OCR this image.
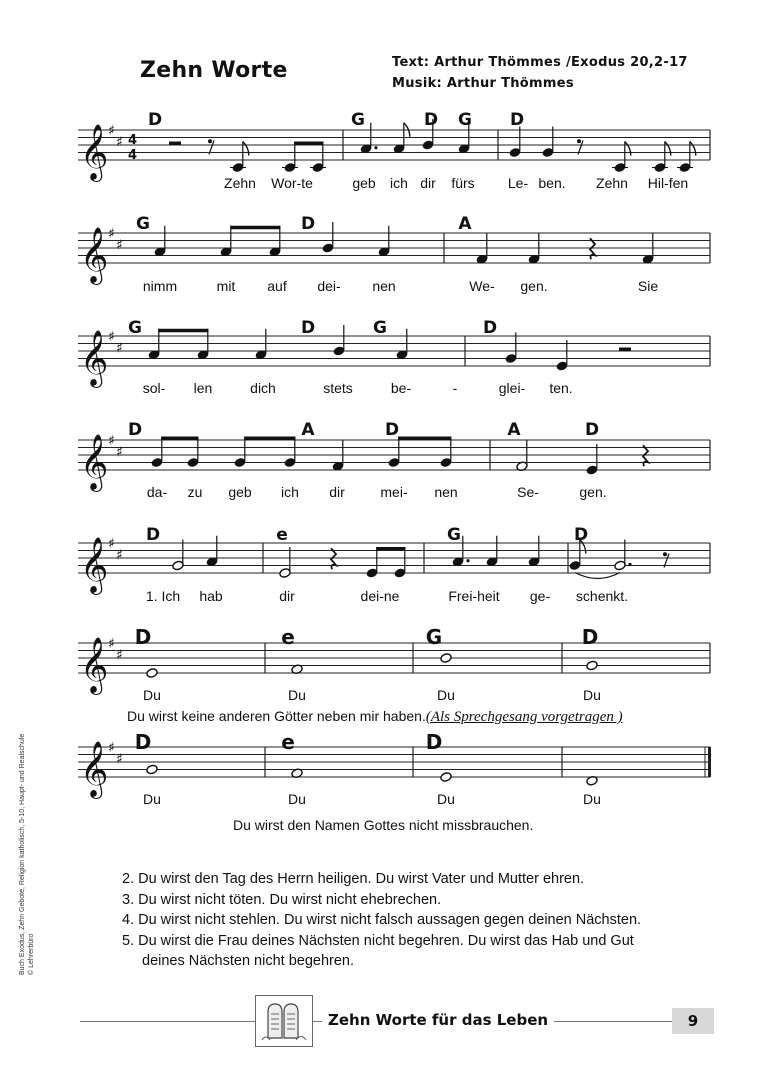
Zehn Worte	Text: Arthur Thömmes /Exodus 20,2-17
Musik: Arthur Thömmes
𝄞 ♯
♯ 4
4
𝄞 ♯
♯
𝄞 ♯
♯
𝄞 ♯
♯
𝄞 ♯
♯
𝄞 ♯
♯
𝄞 ♯
♯
D	G	D G D
Zehn Wor-te	geb ich dir fürs Le- ben. Zehn Hil-fen
G	D	A
nimm	mit auf dei- nen	We- gen.	Sie
G	D	G	D
sol- len	dich	stets	be-	-	glei- ten.
D	A	D	A	D
da- zu geb ich dir	mei- nen	Se-	gen.
D	e	G	D
1. Ich hab	dir	dei-ne	Frei-heit ge- schenkt.
D	e	G	D
Du	Du	Du	Du
Du wirst keine anderen Götter neben mir haben.(Als Sprechgesang vorgetragen )
D	e	D
Du	Du	Du	Du
Du wirst den Namen Gottes nicht missbrauchen.
2. Du wirst den Tag des Herrn heiligen. Du wirst Vater und Mutter ehren.
3. Du wirst nicht töten. Du wirst nicht ehebrechen.
4. Du wirst nicht stehlen. Du wirst nicht falsch aussagen gegen deinen Nächsten.
5. Du wirst die Frau deines Nächsten nicht begehren. Du wirst das Hab und Gut
deines Nächsten nicht begehren.
Buch Exodus, Zehn Gebote, Religion katholisch, 5-10, Haupt- und Realschule © Lehrerbüro
Zehn Worte für das Leben	9
